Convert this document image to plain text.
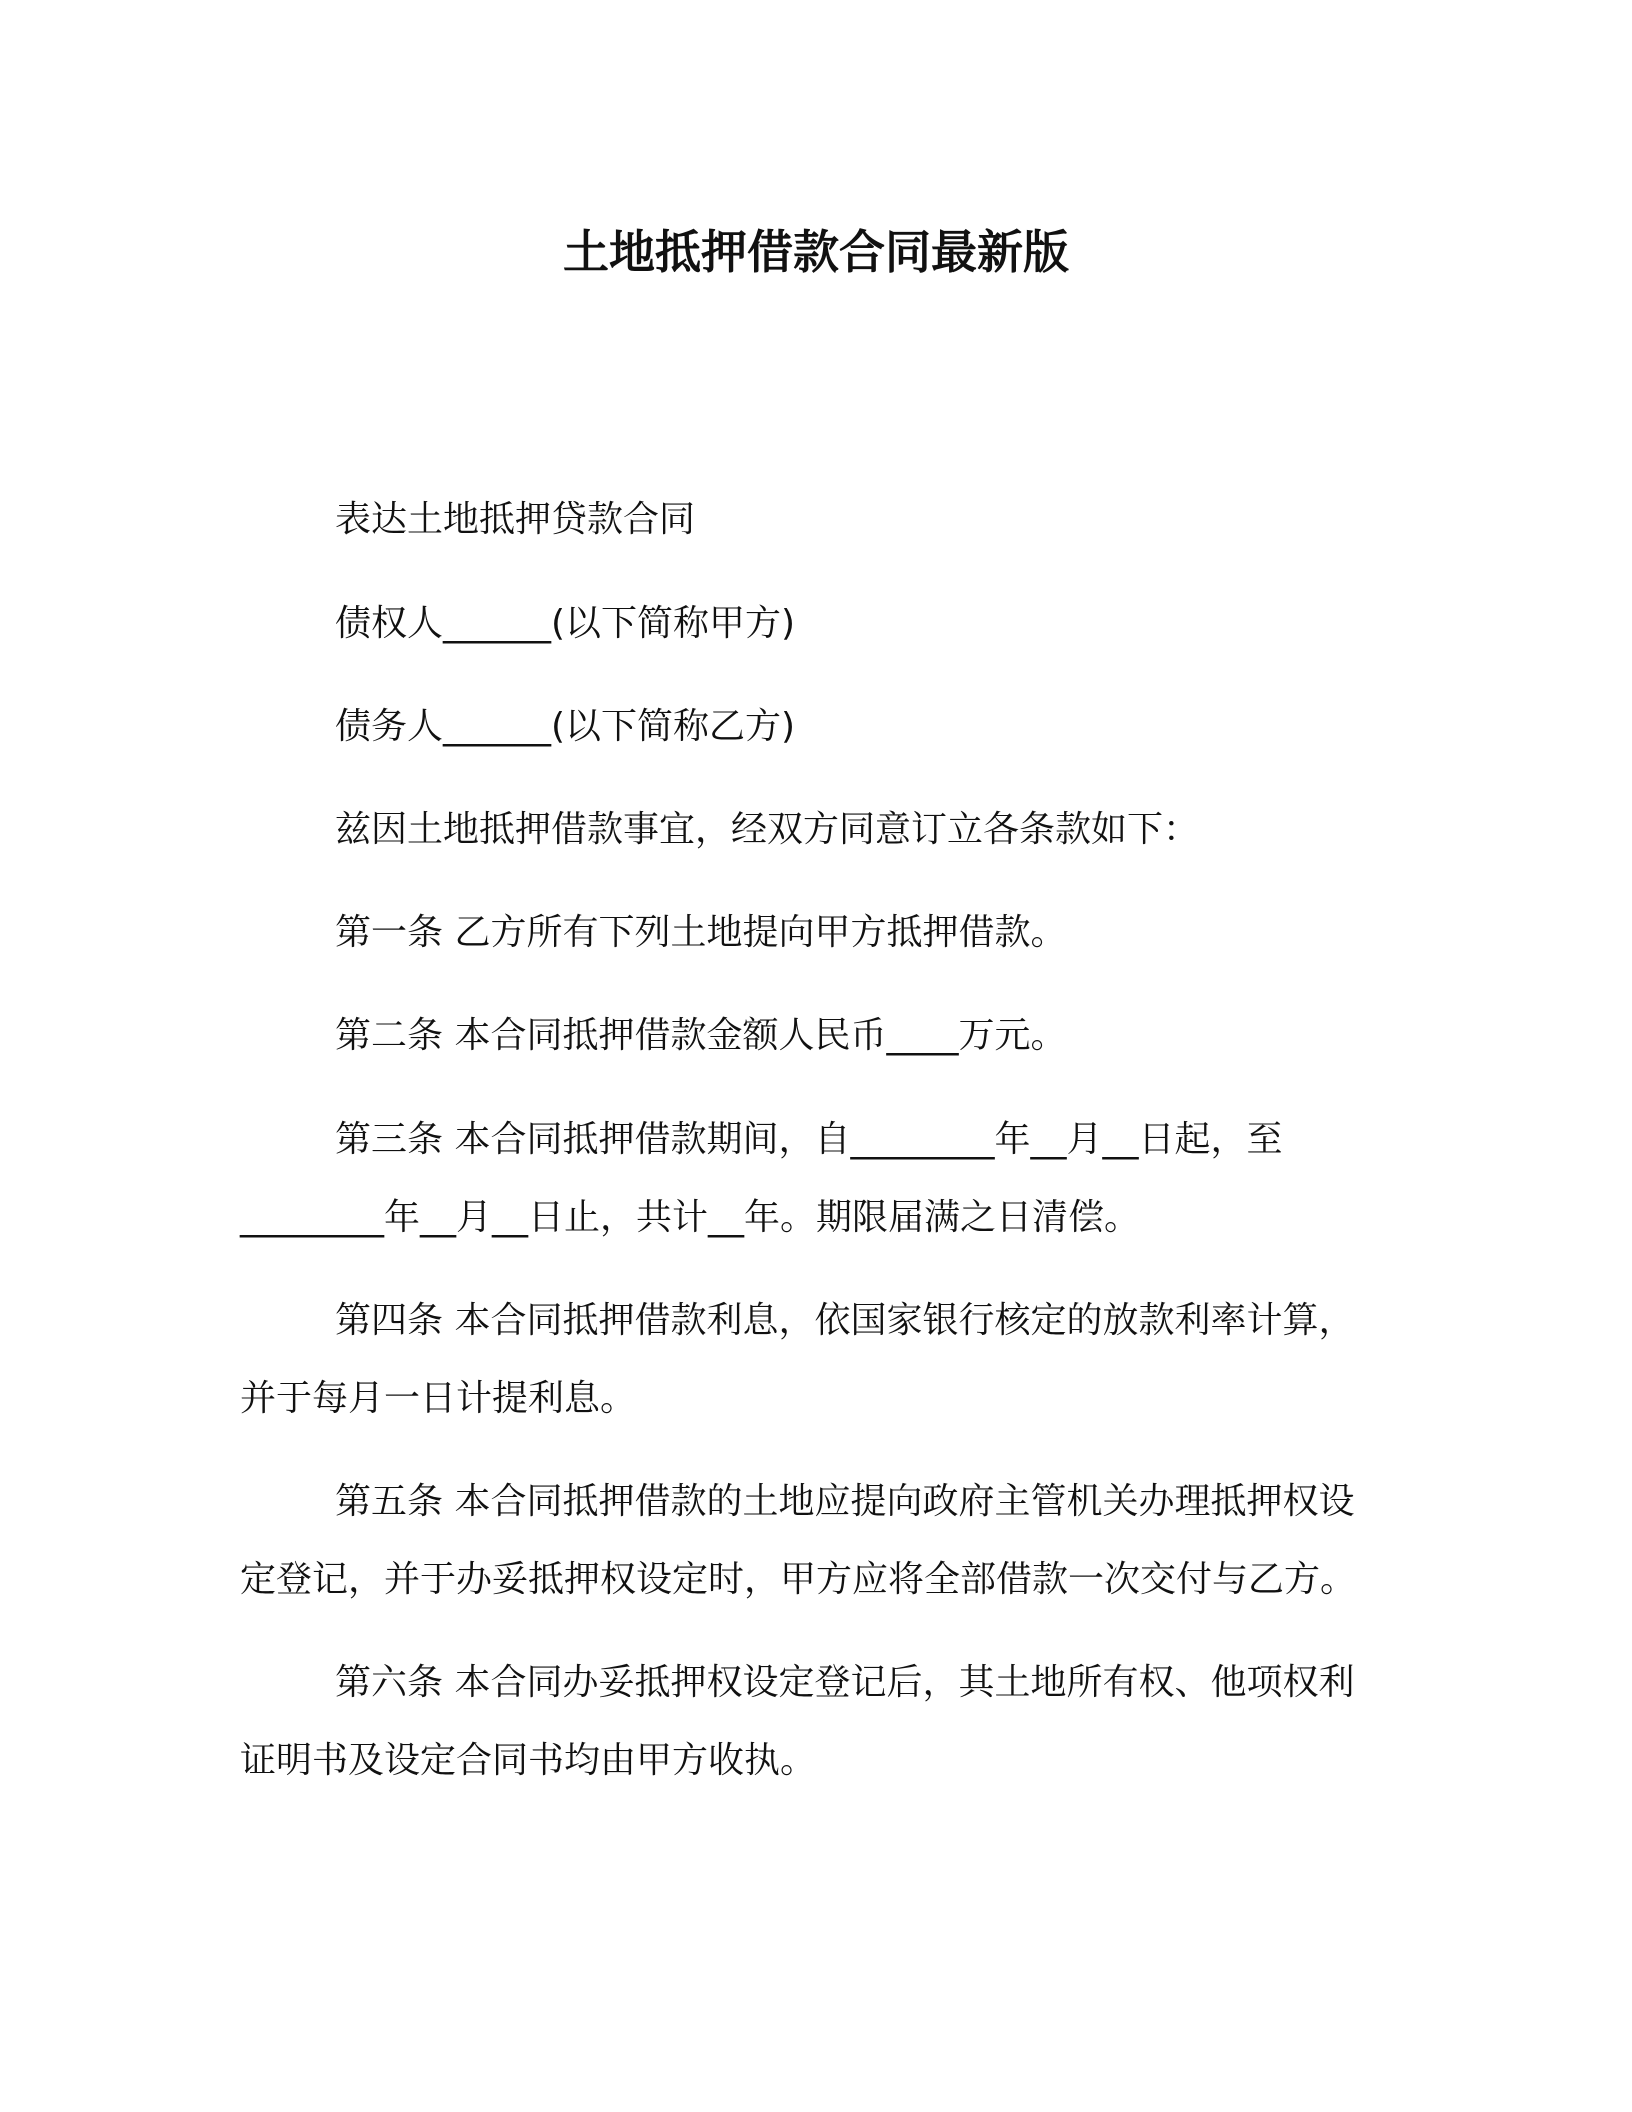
土地抵押借款合同最新版
表达土地抵押贷款合同
债权人______(以下简称甲方)
债务人______(以下简称乙方)
兹因土地抵押借款事宜，经双方同意订立各条款如下：
第一条 乙方所有下列土地提向甲方抵押借款。
第二条 本合同抵押借款金额人民币____万元。
第三条 本合同抵押借款期间，自________年__月__日起，至
________年__月__日止，共计__年。期限届满之日清偿。
第四条 本合同抵押借款利息，依国家银行核定的放款利率计算，
并于每月一日计提利息。
第五条 本合同抵押借款的土地应提向政府主管机关办理抵押权设
定登记，并于办妥抵押权设定时，甲方应将全部借款一次交付与乙方。
第六条 本合同办妥抵押权设定登记后，其土地所有权、他项权利
证明书及设定合同书均由甲方收执。
